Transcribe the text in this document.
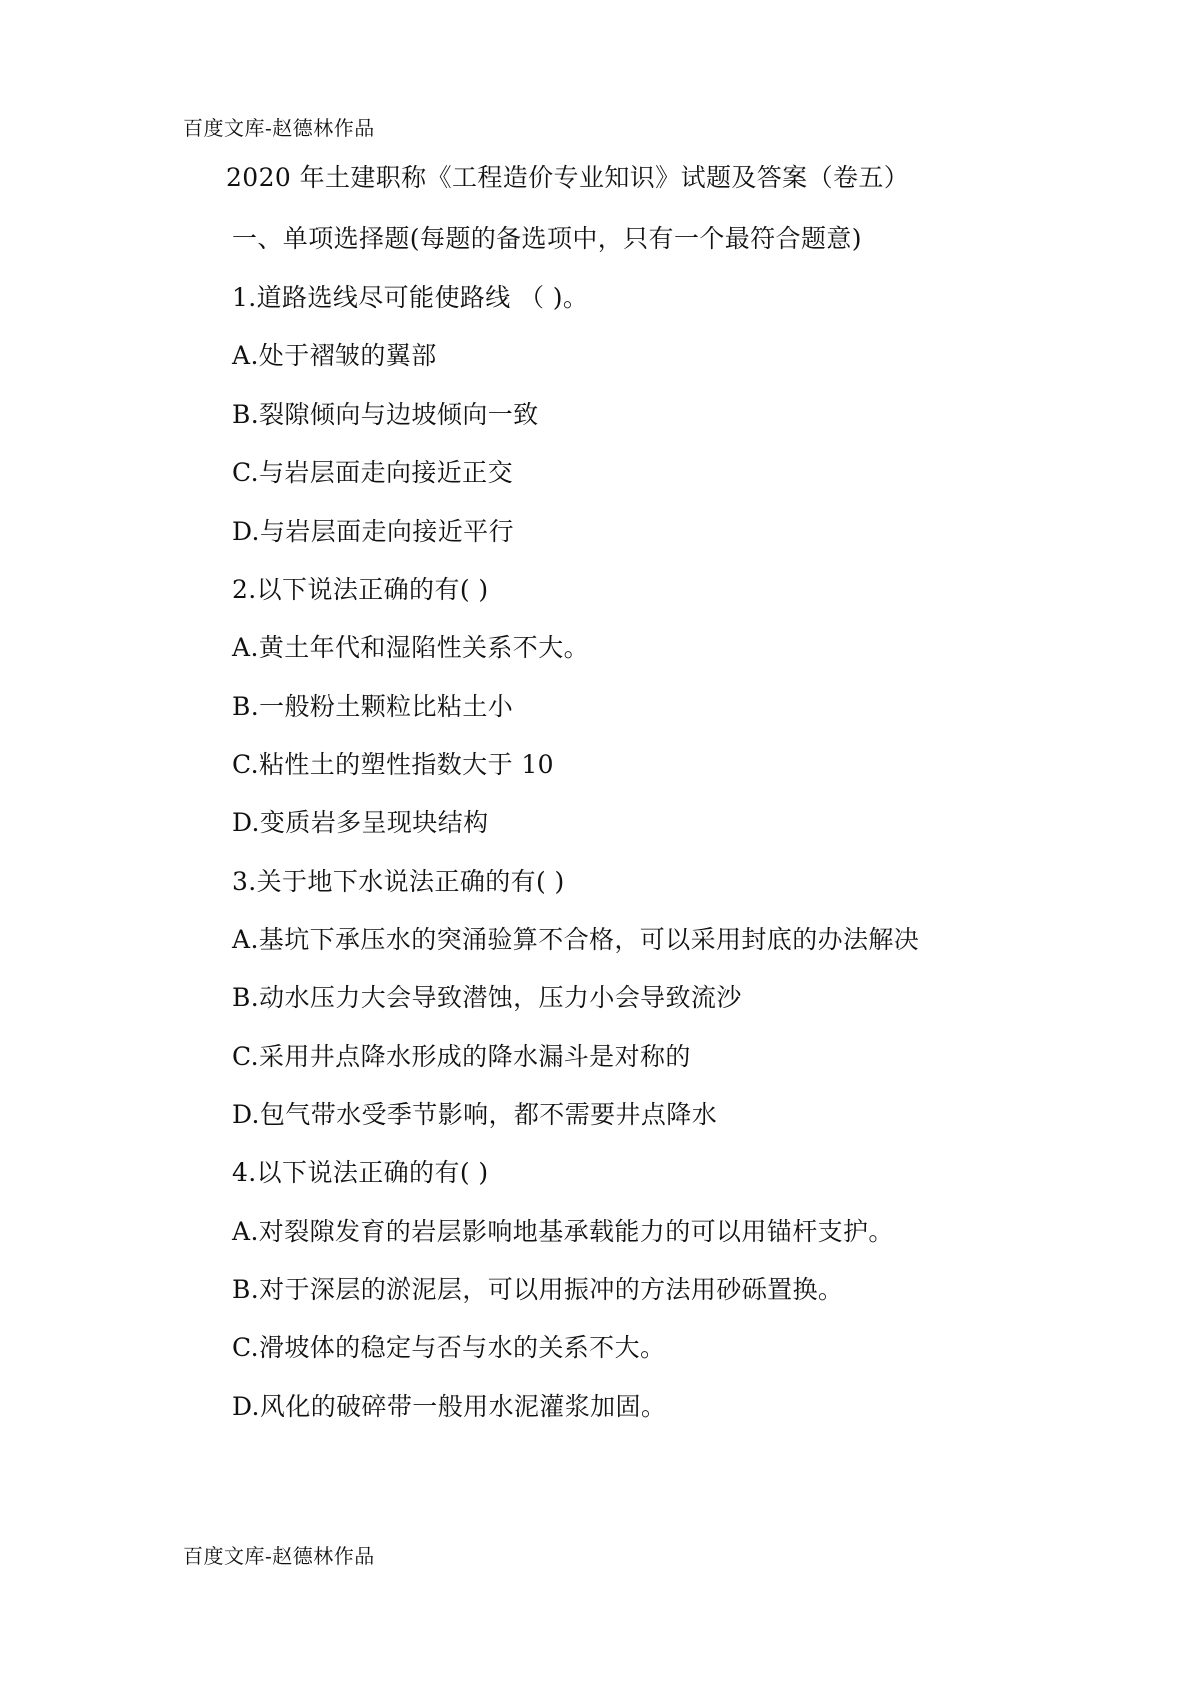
百度文库-赵德林作品
2020 年土建职称《工程造价专业知识》试题及答案（卷五）
一、单项选择题(每题的备选项中，只有一个最符合题意)
1.道路选线尽可能使路线 （ )。
A.处于褶皱的翼部
B.裂隙倾向与边坡倾向一致
C.与岩层面走向接近正交
D.与岩层面走向接近平行
2.以下说法正确的有( )
A.黄土年代和湿陷性关系不大。
B.一般粉土颗粒比粘土小
C.粘性土的塑性指数大于 10
D.变质岩多呈现块结构
3.关于地下水说法正确的有( )
A.基坑下承压水的突涌验算不合格，可以采用封底的办法解决
B.动水压力大会导致潜蚀，压力小会导致流沙
C.采用井点降水形成的降水漏斗是对称的
D.包气带水受季节影响，都不需要井点降水
4.以下说法正确的有( )
A.对裂隙发育的岩层影响地基承载能力的可以用锚杆支护。
B.对于深层的淤泥层，可以用振冲的方法用砂砾置换。
C.滑坡体的稳定与否与水的关系不大。
D.风化的破碎带一般用水泥灌浆加固。
百度文库-赵德林作品
